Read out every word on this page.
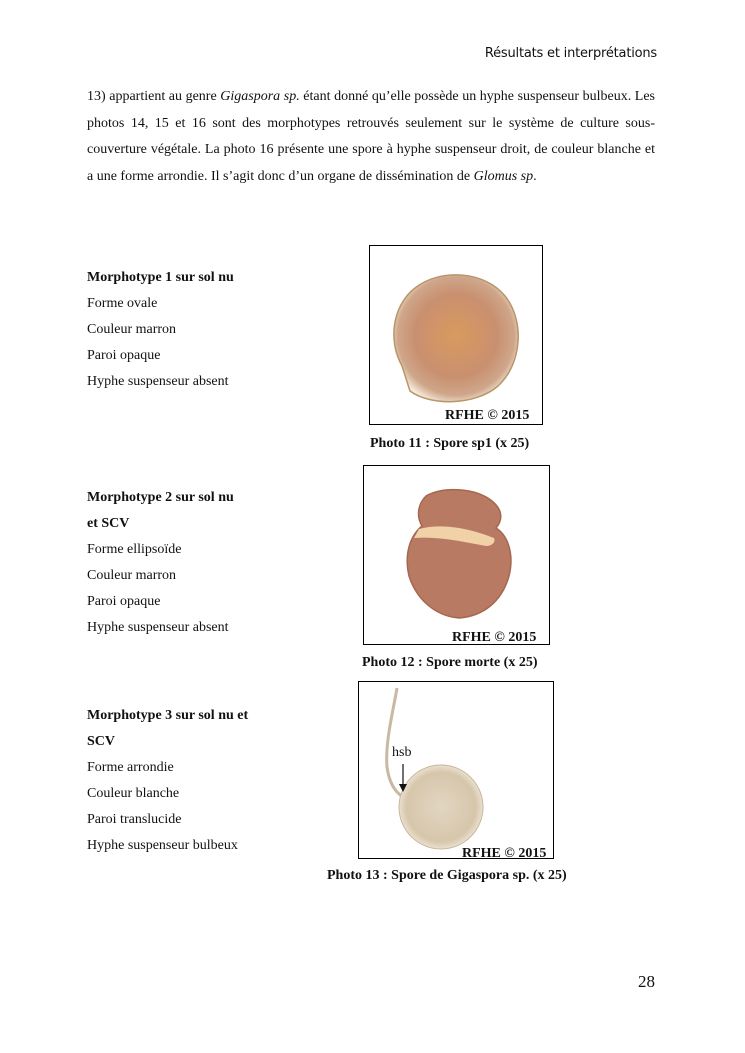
Résultats et interprétations
13) appartient au genre Gigaspora sp. étant donné qu’elle possède un hyphe suspenseur bulbeux. Les photos 14, 15 et 16 sont des morphotypes retrouvés seulement sur le système de culture sous-couverture végétale. La photo 16 présente une spore à hyphe suspenseur droit, de couleur blanche et a une forme arrondie. Il s’agit donc d’un organe de dissémination de Glomus sp.
Morphotype 1 sur sol nu
Forme ovale
Couleur marron
Paroi opaque
Hyphe suspenseur absent
RFHE © 2015
Photo 11 : Spore sp1 (x 25)
Morphotype 2 sur sol nu
et SCV
Forme ellipsoïde
Couleur marron
Paroi opaque
Hyphe suspenseur absent
RFHE © 2015
Photo 12 : Spore morte (x 25)
Morphotype 3 sur sol nu et
SCV
Forme arrondie
Couleur blanche
Paroi translucide
Hyphe suspenseur bulbeux
hsb
RFHE © 2015
Photo 13 : Spore de Gigaspora sp. (x 25)
28
